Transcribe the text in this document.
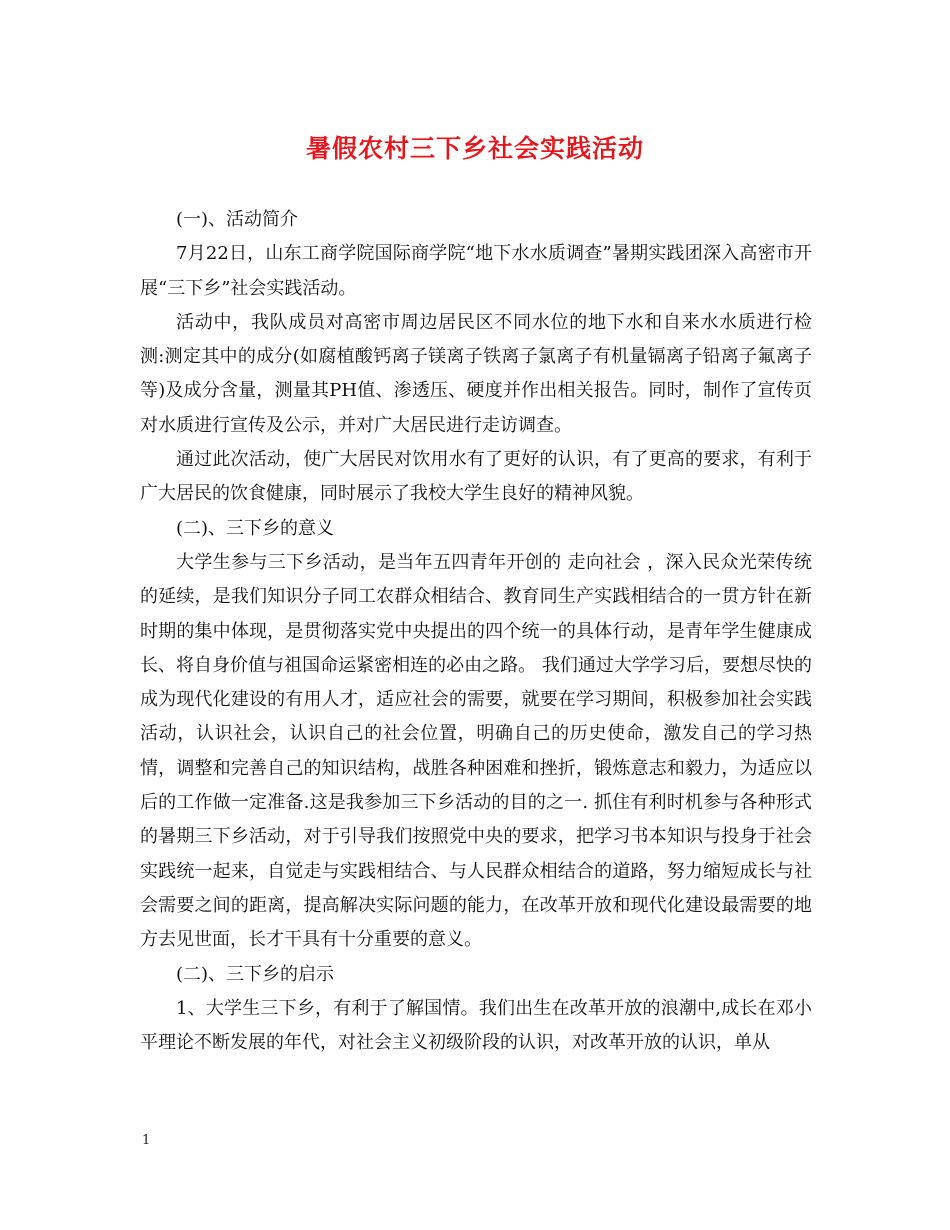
暑假农村三下乡社会实践活动

(一)、活动简介

7月22日，山东工商学院国际商学院“地下水水质调查”暑期实践团深入高密市开展“三下乡”社会实践活动。

活动中，我队成员对高密市周边居民区不同水位的地下水和自来水水质进行检测:测定其中的成分(如腐植酸钙离子镁离子铁离子氯离子有机量镉离子铅离子氟离子等)及成分含量，测量其PH值、渗透压、硬度并作出相关报告。同时，制作了宣传页对水质进行宣传及公示，并对广大居民进行走访调查。

通过此次活动，使广大居民对饮用水有了更好的认识，有了更高的要求，有利于广大居民的饮食健康，同时展示了我校大学生良好的精神风貌。

(二)、三下乡的意义

大学生参与三下乡活动，是当年五四青年开创的 走向社会 ，深入民众光荣传统的延续，是我们知识分子同工农群众相结合、教育同生产实践相结合的一贯方针在新时期的集中体现，是贯彻落实党中央提出的四个统一的具体行动，是青年学生健康成长、将自身价值与祖国命运紧密相连的必由之路。 我们通过大学学习后，要想尽快的成为现代化建设的有用人才，适应社会的需要，就要在学习期间，积极参加社会实践活动，认识社会，认识自己的社会位置，明确自己的历史使命，激发自己的学习热情，调整和完善自己的知识结构，战胜各种困难和挫折，锻炼意志和毅力，为适应以后的工作做一定准备.这是我参加三下乡活动的目的之一. 抓住有利时机参与各种形式的暑期三下乡活动，对于引导我们按照党中央的要求，把学习书本知识与投身于社会实践统一起来，自觉走与实践相结合、与人民群众相结合的道路，努力缩短成长与社会需要之间的距离，提高解决实际问题的能力，在改革开放和现代化建设最需要的地方去见世面，长才干具有十分重要的意义。

(二)、三下乡的启示

1、大学生三下乡，有利于了解国情。我们出生在改革开放的浪潮中,成长在邓小平理论不断发展的年代，对社会主义初级阶段的认识，对改革开放的认识，单从

1
